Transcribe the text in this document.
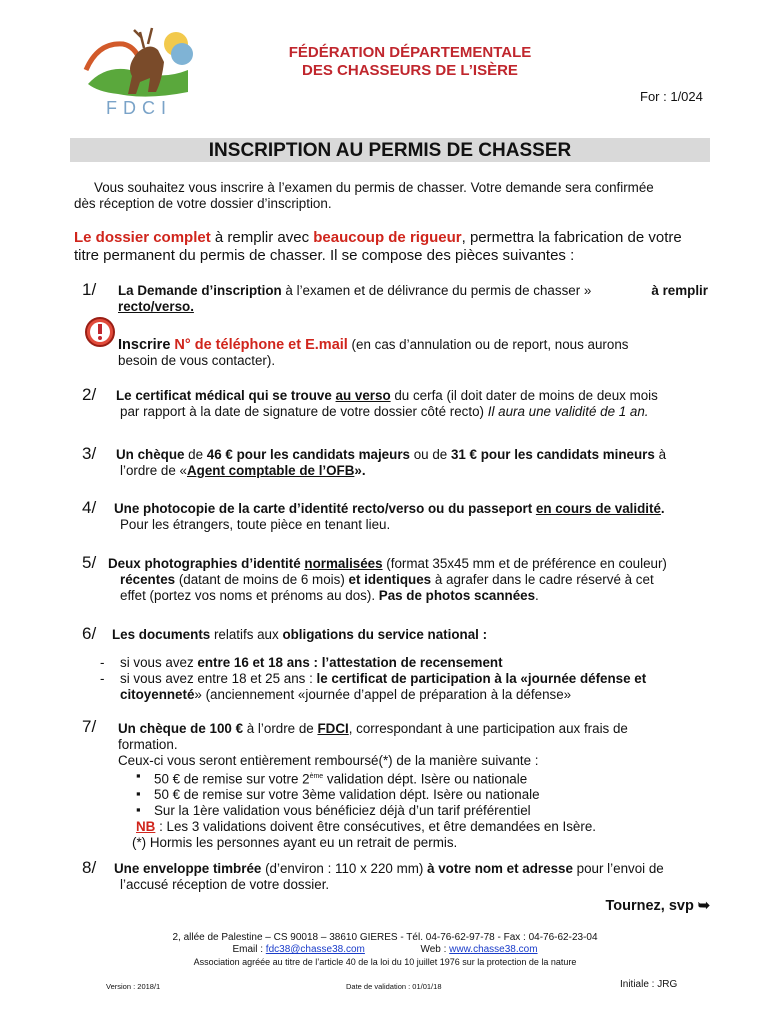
FDCI
FÉDÉRATION DÉPARTEMENTALE
DES CHASSEURS DE L’ISÈRE
For : 1/024
INSCRIPTION AU PERMIS DE CHASSER
Vous souhaitez vous inscrire à l’examen du permis de chasser. Votre demande sera confirmée
dès réception de votre dossier d’inscription.
Le dossier complet à remplir avec beaucoup de rigueur, permettra la fabrication de votre
titre permanent du permis de chasser. Il se compose des pièces suivantes :
1/ La Demande d’inscription à l’examen et de délivrance du permis de chasser »	à remplir
recto/verso.
Inscrire N° de téléphone et E.mail (en cas d’annulation ou de report, nous aurons
besoin de vous contacter).
2/ Le certificat médical qui se trouve au verso du cerfa (il doit dater de moins de deux mois
par rapport à la date de signature de votre dossier côté recto) Il aura une validité de 1 an.
3/ Un chèque de 46 € pour les candidats majeurs ou de 31 € pour les candidats mineurs à
l’ordre de «Agent comptable de l’OFB».
4/ Une photocopie de la carte d’identité recto/verso ou du passeport en cours de validité.
Pour les étrangers, toute pièce en tenant lieu.
5/ Deux photographies d’identité normalisées (format 35x45 mm et de préférence en couleur)
récentes (datant de moins de 6 mois) et identiques à agrafer dans le cadre réservé à cet
effet (portez vos noms et prénoms au dos). Pas de photos scannées.
6/ Les documents relatifs aux obligations du service national :
- si vous avez entre 16 et 18 ans : l’attestation de recensement
- si vous avez entre 18 et 25 ans : le certificat de participation à la «journée défense et
citoyenneté» (anciennement «journée d’appel de préparation à la défense»
7/ Un chèque de 100 € à l’ordre de FDCI, correspondant à une participation aux frais de
formation.
Ceux-ci vous seront entièrement remboursé(*) de la manière suivante :
▪ 50 € de remise sur votre 2ème validation dépt. Isère ou nationale
▪ 50 € de remise sur votre 3ème validation dépt. Isère ou nationale
▪ Sur la 1ère validation vous bénéficiez déjà d’un tarif préférentiel
NB : Les 3 validations doivent être consécutives, et être demandées en Isère.
(*) Hormis les personnes ayant eu un retrait de permis.
8/ Une enveloppe timbrée (d’environ : 110 x 220 mm) à votre nom et adresse pour l’envoi de
l’accusé réception de votre dossier.
Tournez, svp ➥
2, allée de Palestine – CS 90018 – 38610 GIERES - Tél. 04-76-62-97-78 - Fax : 04-76-62-23-04
Email : fdc38@chasse38.com	Web : www.chasse38.com
Association agréée au titre de l’article 40 de la loi du 10 juillet 1976 sur la protection de la nature
Version : 2018/1	Date de validation : 01/01/18	Initiale : JRG
